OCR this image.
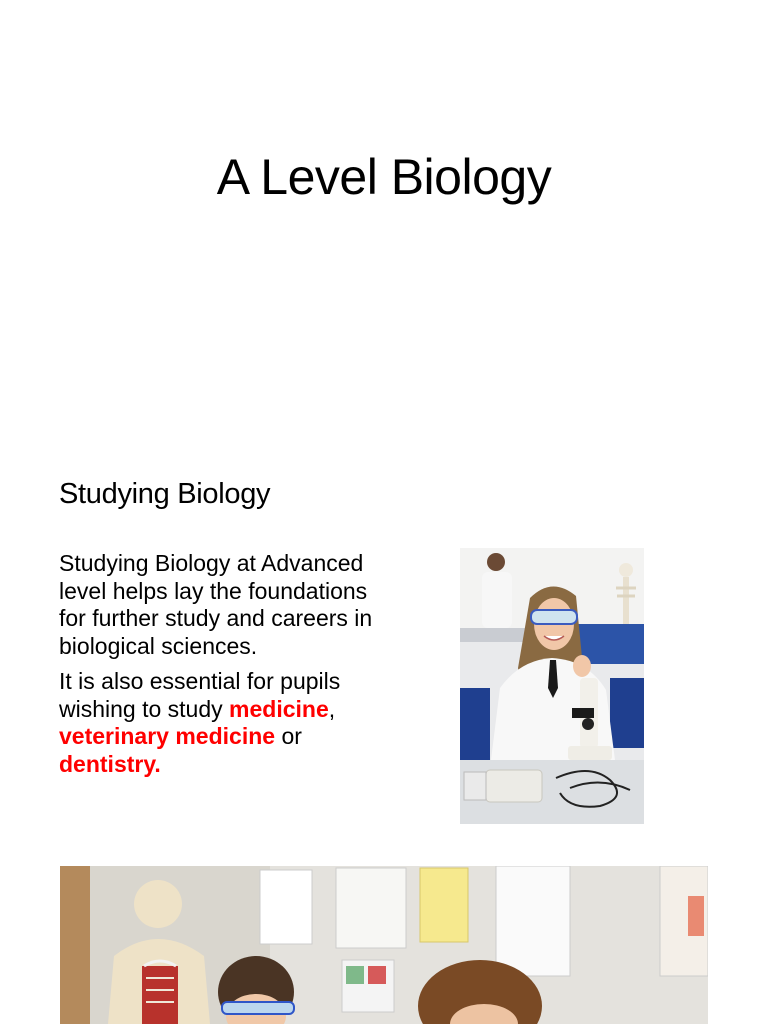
A Level Biology
Studying Biology

Studying Biology at Advanced level helps lay the foundations for further study and careers in biological sciences.

It is also essential for pupils wishing to study medicine, veterinary medicine or dentistry.
